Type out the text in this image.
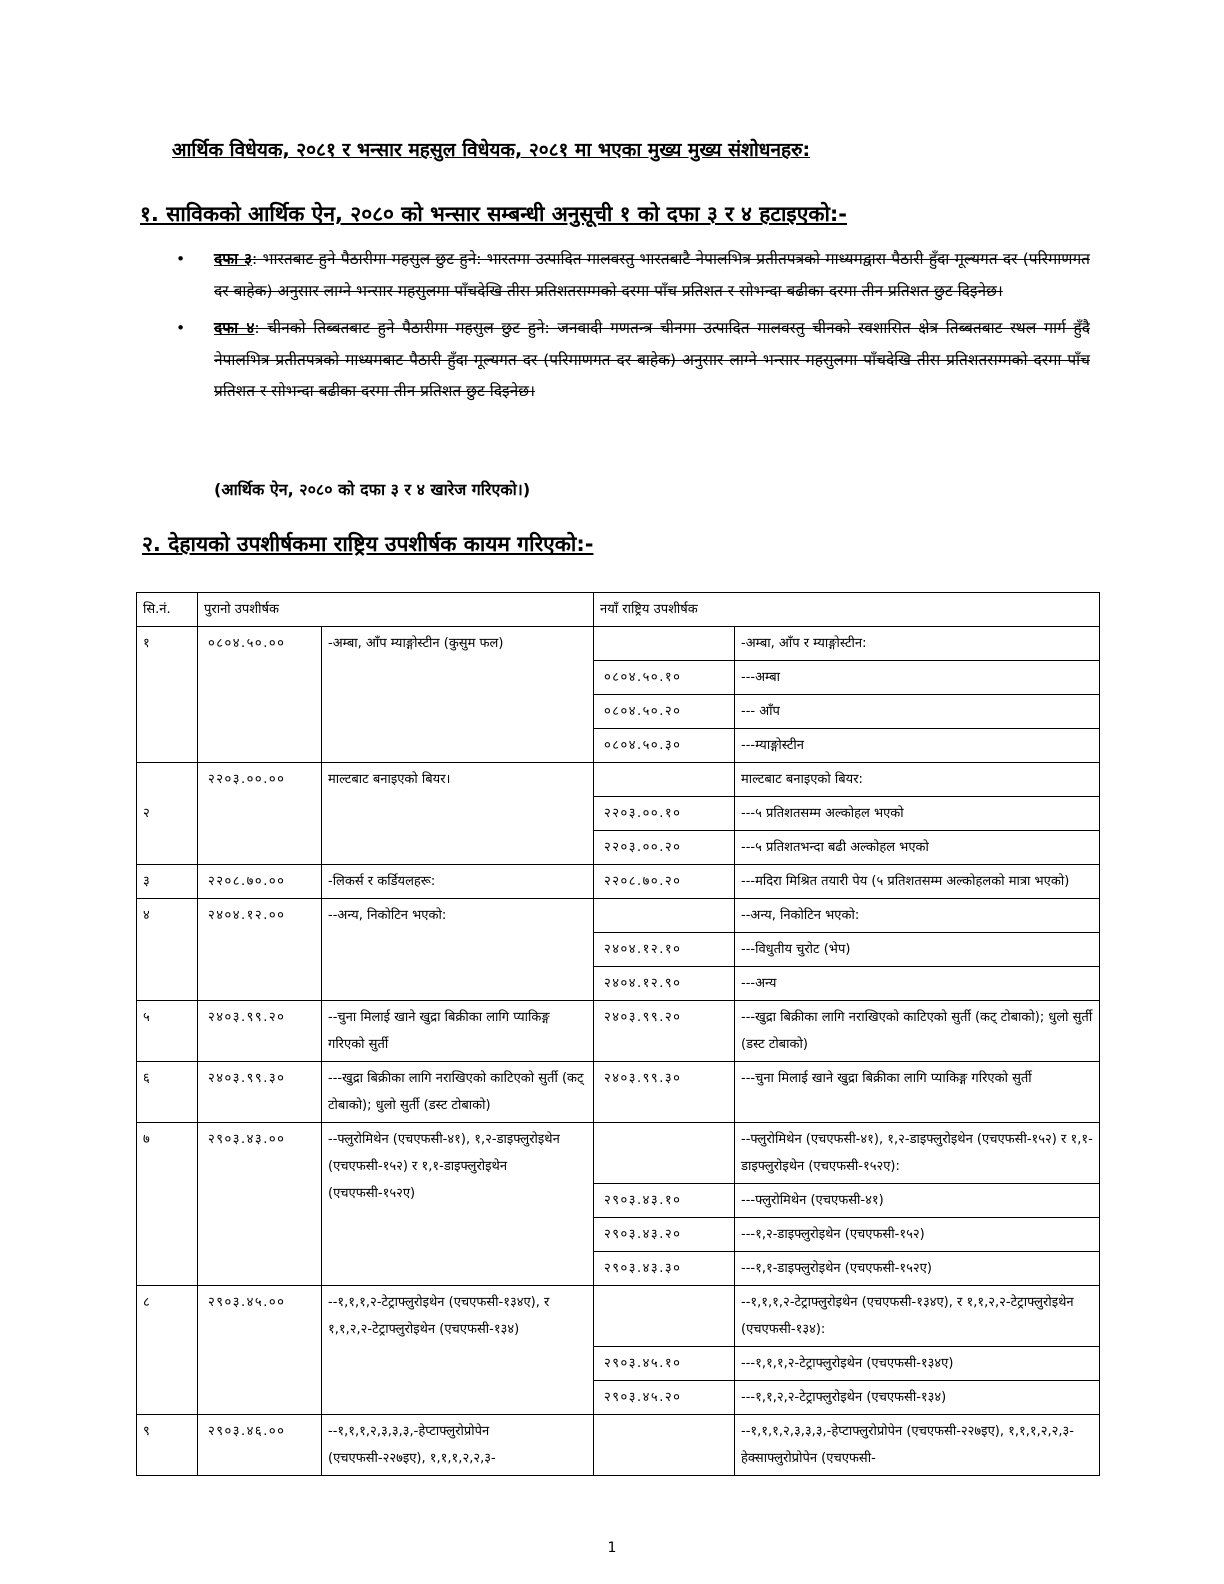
आर्थिक विधेयक, २०८१ र भन्सार महसुल विधेयक, २०८१ मा भएका मुख्य मुख्य संशोधनहरु:
१. साविकको आर्थिक ऐन, २०८० को भन्सार सम्बन्धी अनुसूची १ को दफा ३ र ४ हटाइएको:-
• दफा ३: भारतबाट हुने पैठारीमा महसुल छुट हुने: भारतमा उत्पादित मालवस्तु भारतबाटै नेपालभित्र प्रतीतपत्रको माध्यमद्वारा पैठारी हुँदा मूल्यगत दर (परिमाणगत दर बाहेक) अनुसार लाग्ने भन्सार महसुलमा पाँचदेखि तीस प्रतिशतसम्मको दरमा पाँच प्रतिशत र सोभन्दा बढीका दरमा तीन प्रतिशत छुट दिइनेछ।
• दफा ४: चीनको तिब्बतबाट हुने पैठारीमा महसुल छुट हुने: जनवादी गणतन्त्र चीनमा उत्पादित मालवस्तु चीनको स्वशासित क्षेत्र तिब्बतबाट स्थल मार्ग हुँदै नेपालभित्र प्रतीतपत्रको माध्यमबाट पैठारी हुँदा मूल्यगत दर (परिमाणगत दर बाहेक) अनुसार लाग्ने भन्सार महसुलमा पाँचदेखि तीस प्रतिशतसम्मको दरमा पाँच प्रतिशत र सोभन्दा बढीका दरमा तीन प्रतिशत छुट दिइनेछ।
(आर्थिक ऐन, २०८० को दफा ३ र ४ खारेज गरिएको।)
२. देहायको उपशीर्षकमा राष्ट्रिय उपशीर्षक कायम गरिएको:-
सि.नं.	पुरानो उपशीर्षक		नयाँ राष्ट्रिय उपशीर्षक	
१	०८०४.५०.००	-अम्बा, आँप म्याङ्गोस्टीन (कुसुम फल)		-अम्बा, आँप र म्याङ्गोस्टीन:
			०८०४.५०.१०	---अम्बा
			०८०४.५०.२०	--- आँप
			०८०४.५०.३०	---म्याङ्गोस्टीन
२	२२०३.००.००	माल्टबाट बनाइएको बियर।		माल्टबाट बनाइएको बियर:
			२२०३.००.१०	---५ प्रतिशतसम्म अल्कोहल भएको
			२२०३.००.२०	---५ प्रतिशतभन्दा बढी अल्कोहल भएको
३	२२०८.७०.००	-लिकर्स र कर्डियलहरू:	२२०८.७०.२०	---मदिरा मिश्रित तयारी पेय (५ प्रतिशतसम्म अल्कोहलको मात्रा भएको)
४	२४०४.१२.००	--अन्य, निकोटिन भएको:		--अन्य, निकोटिन भएको:
			२४०४.१२.१०	---विधुतीय चुरोट (भेप)
			२४०४.१२.९०	---अन्य
५	२४०३.९९.२०	--चुना मिलाई खाने खुद्रा बिक्रीका लागि प्याकिङ्ग गरिएको सुर्ती	२४०३.९९.२०	---खुद्रा बिक्रीका लागि नराखिएको काटिएको सुर्ती (कट् टोबाको); धुलो सुर्ती (डस्ट टोबाको)
६	२४०३.९९.३०	---खुद्रा बिक्रीका लागि नराखिएको काटिएको सुर्ती (कट् टोबाको); धुलो सुर्ती (डस्ट टोबाको)	२४०३.९९.३०	---चुना मिलाई खाने खुद्रा बिक्रीका लागि प्याकिङ्ग गरिएको सुर्ती
७	२९०३.४३.००	--फ्लुरोमिथेन (एचएफसी-४१), १,२-डाइफ्लुरोइथेन (एचएफसी-१५२) र १,१-डाइफ्लुरोइथेन (एचएफसी-१५२ए)		--फ्लुरोमिथेन (एचएफसी-४१), १,२-डाइफ्लुरोइथेन (एचएफसी-१५२) र १,१-डाइफ्लुरोइथेन (एचएफसी-१५२ए):
			२९०३.४३.१०	---फ्लुरोमिथेन (एचएफसी-४१)
			२९०३.४३.२०	---१,२-डाइफ्लुरोइथेन (एचएफसी-१५२)
			२९०३.४३.३०	---१,१-डाइफ्लुरोइथेन (एचएफसी-१५२ए)
८	२९०३.४५.००	--१,१,१,२-टेट्राफ्लुरोइथेन (एचएफसी-१३४ए), र १,१,२,२-टेट्राफ्लुरोइथेन (एचएफसी-१३४)		--१,१,१,२-टेट्राफ्लुरोइथेन (एचएफसी-१३४ए), र १,१,२,२-टेट्राफ्लुरोइथेन (एचएफसी-१३४):
			२९०३.४५.१०	---१,१,१,२-टेट्राफ्लुरोइथेन (एचएफसी-१३४ए)
			२९०३.४५.२०	---१,१,२,२-टेट्राफ्लुरोइथेन (एचएफसी-१३४)
९	२९०३.४६.००	--१,१,१,२,३,३,३,-हेप्टाफ्लुरोप्रोपेन (एचएफसी-२२७इए), १,१,१,२,२,३-		--१,१,१,२,३,३,३,-हेप्टाफ्लुरोप्रोपेन (एचएफसी-२२७इए), १,१,१,२,२,३-हेक्साफ्लुरोप्रोपेन (एचएफसी-
1
